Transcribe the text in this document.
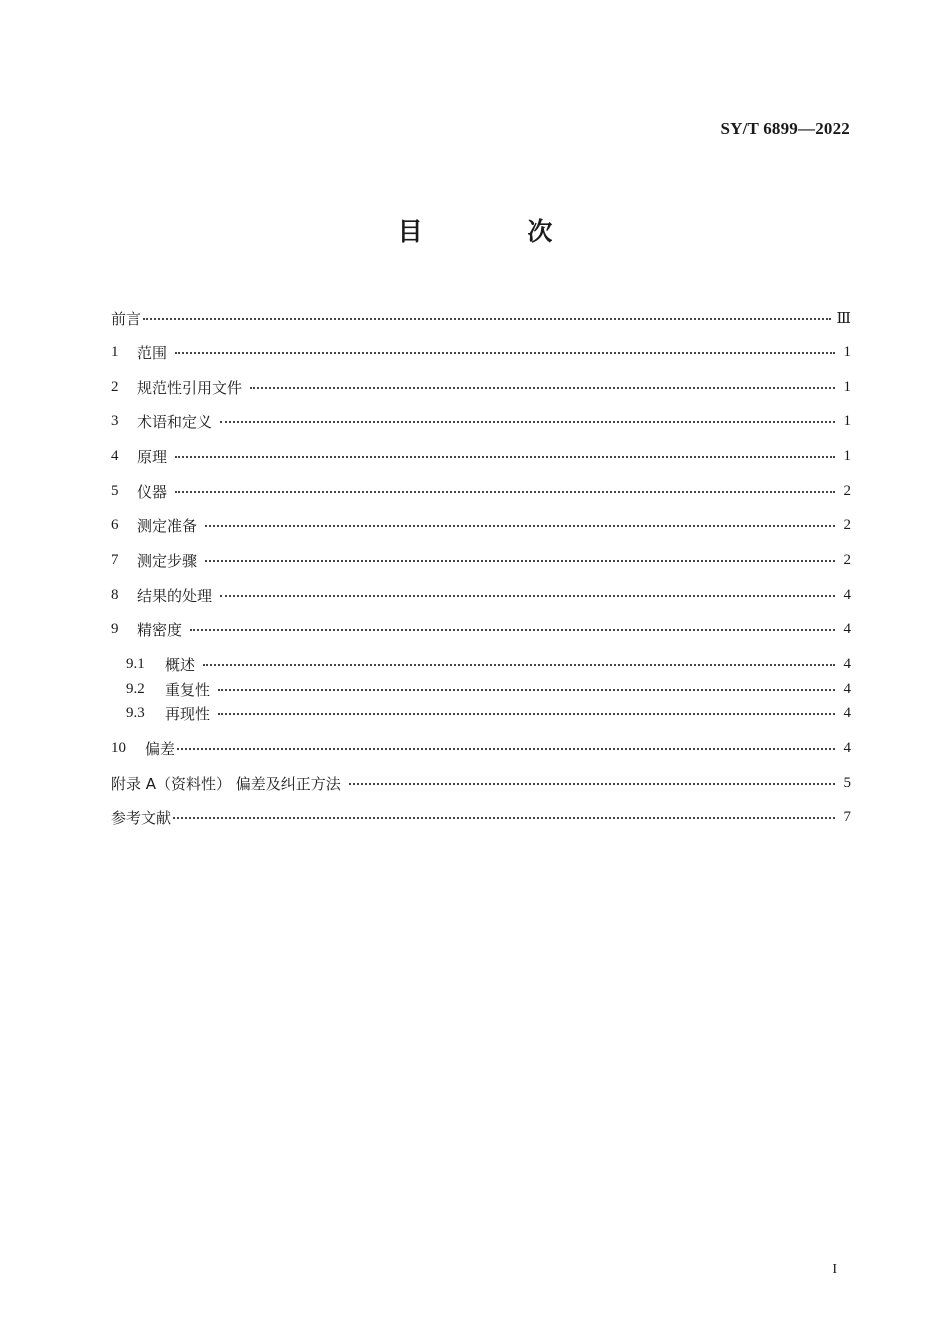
SY/T 6899—2022
目 次
前言	Ⅲ
1	范围	1
2	规范性引用文件	1
3	术语和定义	1
4	原理	1
5	仪器	2
6	测定准备	2
7	测定步骤	2
8	结果的处理	4
9	精密度	4
9.1	概述	4
9.2	重复性	4
9.3	再现性	4
10	偏差	4
附录 A（资料性） 偏差及纠正方法	5
参考文献	7
I
